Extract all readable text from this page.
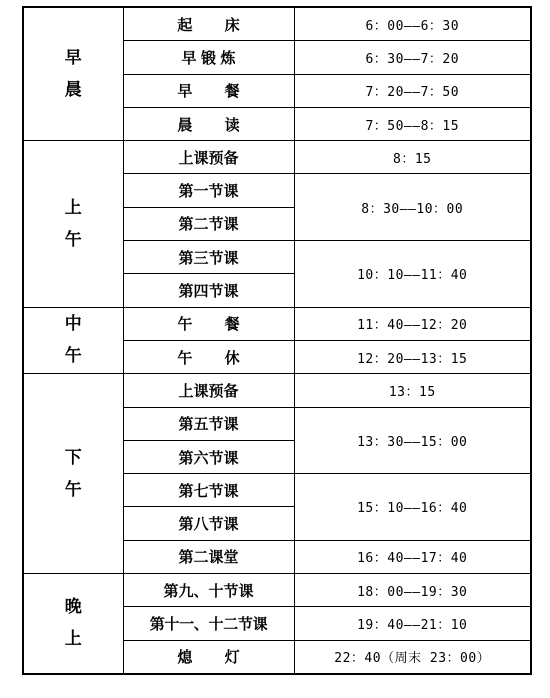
早
晨	起 床	6：00——6：30
	早锻炼	6：30——7：20
	早 餐	7：20——7：50
	晨 读	7：50——8：15

上
午	上课预备	8：15
	第一节课	8：30——10：00
	第二节课	
	第三节课	10：10——11：40
	第四节课	

中
午	午 餐	11：40——12：20
	午 休	12：20——13：15

下
午	上课预备	13：15
	第五节课	13：30——15：00
	第六节课	
	第七节课	15：10——16：40
	第八节课	
	第二课堂	16：40——17：40

晚
上	第九、十节课	18：00——19：30
	第十一、十二节课	19：40——21：10
	熄 灯	22：40（周末 23：00）
